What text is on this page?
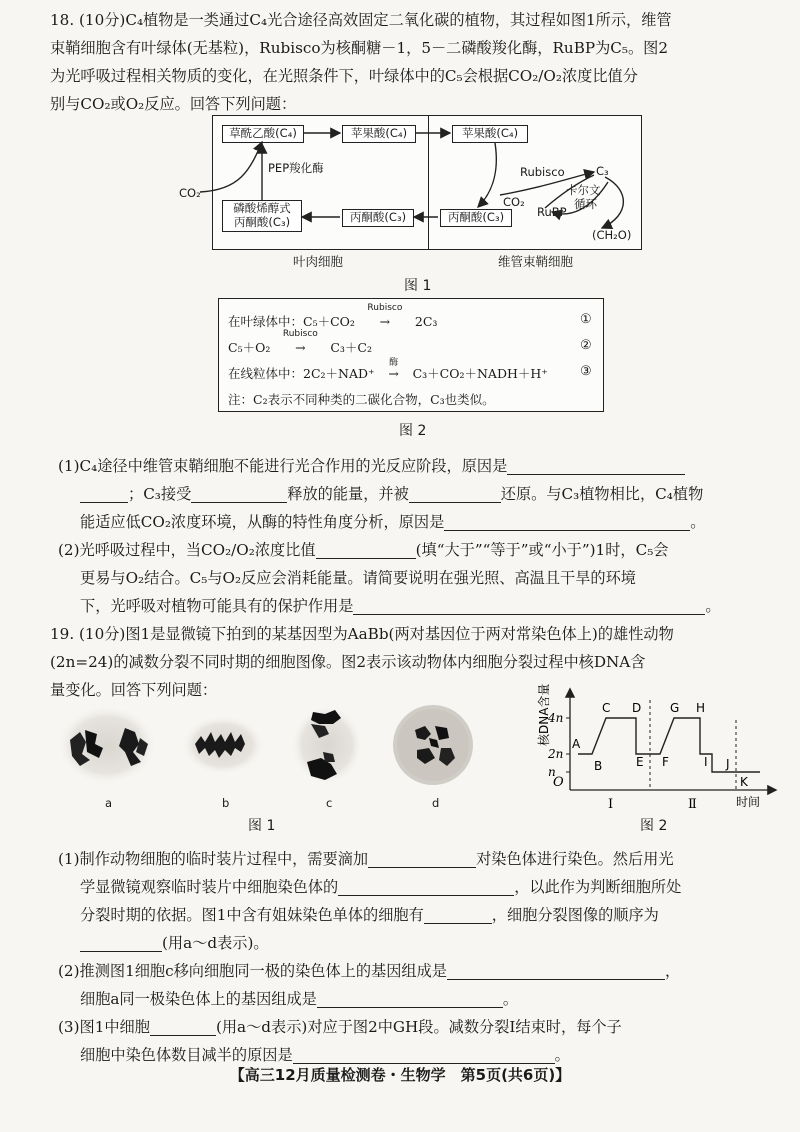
18. (10分)C₄植物是一类通过C₄光合途径高效固定二氧化碳的植物，其过程如图1所示，维管
束鞘细胞含有叶绿体(无基粒)，Rubisco为核酮糖－1，5－二磷酸羧化酶，RuBP为C₅。图2
为光呼吸过程相关物质的变化，在光照条件下，叶绿体中的C₅会根据CO₂/O₂浓度比值分
别与CO₂或O₂反应。回答下列问题：
草酰乙酸(C₄)	苹果酸(C₄)	苹果酸(C₄)
磷酸烯醇式
丙酮酸(C₃)	丙酮酸(C₃)	丙酮酸(C₃)
PEP羧化酶
CO₂
Rubisco	C₃
卡尔文
循环
CO₂
RuBP
(CH₂O)
叶肉细胞	维管束鞘细胞
图 1
在叶绿体中：C₅＋CO₂
Rubisco
→ 2C₃	①
C₅＋O₂
Rubisco
→ C₃＋C₂	②
在线粒体中：2C₂＋NAD⁺
酶
→ C₃＋CO₂＋NADH＋H⁺ ③
注：C₂表示不同种类的二碳化合物，C₃也类似。
图 2
(1)C₄途径中维管束鞘细胞不能进行光合作用的光反应阶段，原因是
；C₃接受	释放的能量，并被	还原。与C₃植物相比，C₄植物
能适应低CO₂浓度环境，从酶的特性角度分析，原因是	。
(2)光呼吸过程中，当CO₂/O₂浓度比值	(填“大于”“等于”或“小于”)1时，C₅会
更易与O₂结合。C₅与O₂反应会消耗能量。请简要说明在强光照、高温且干旱的环境
下，光呼吸对植物可能具有的保护作用是	。
19. (10分)图1是显微镜下拍到的某基因型为AaBb(两对基因位于两对常染色体上)的雄性动物
(2n=24)的减数分裂不同时期的细胞图像。图2表示该动物体内细胞分裂过程中核DNA含
量变化。回答下列问题：
a	b	c	d
图 1
A
B
C D
E F
G H
I J
K
4n
2n
n
O
Ⅰ	Ⅱ	时间
核DNA含量
图 2
(1)制作动物细胞的临时装片过程中，需要滴加	对染色体进行染色。然后用光
学显微镜观察临时装片中细胞染色体的	，以此作为判断细胞所处
分裂时期的依据。图1中含有姐妹染色单体的细胞有	，细胞分裂图像的顺序为
(用a～d表示)。
(2)推测图1细胞c移向细胞同一极的染色体上的基因组成是	，
细胞a同一极染色体上的基因组成是	。
(3)图1中细胞	(用a～d表示)对应于图2中GH段。减数分裂Ⅰ结束时，每个子
细胞中染色体数目减半的原因是	。
【高三12月质量检测卷・生物学　第5页(共6页)】
